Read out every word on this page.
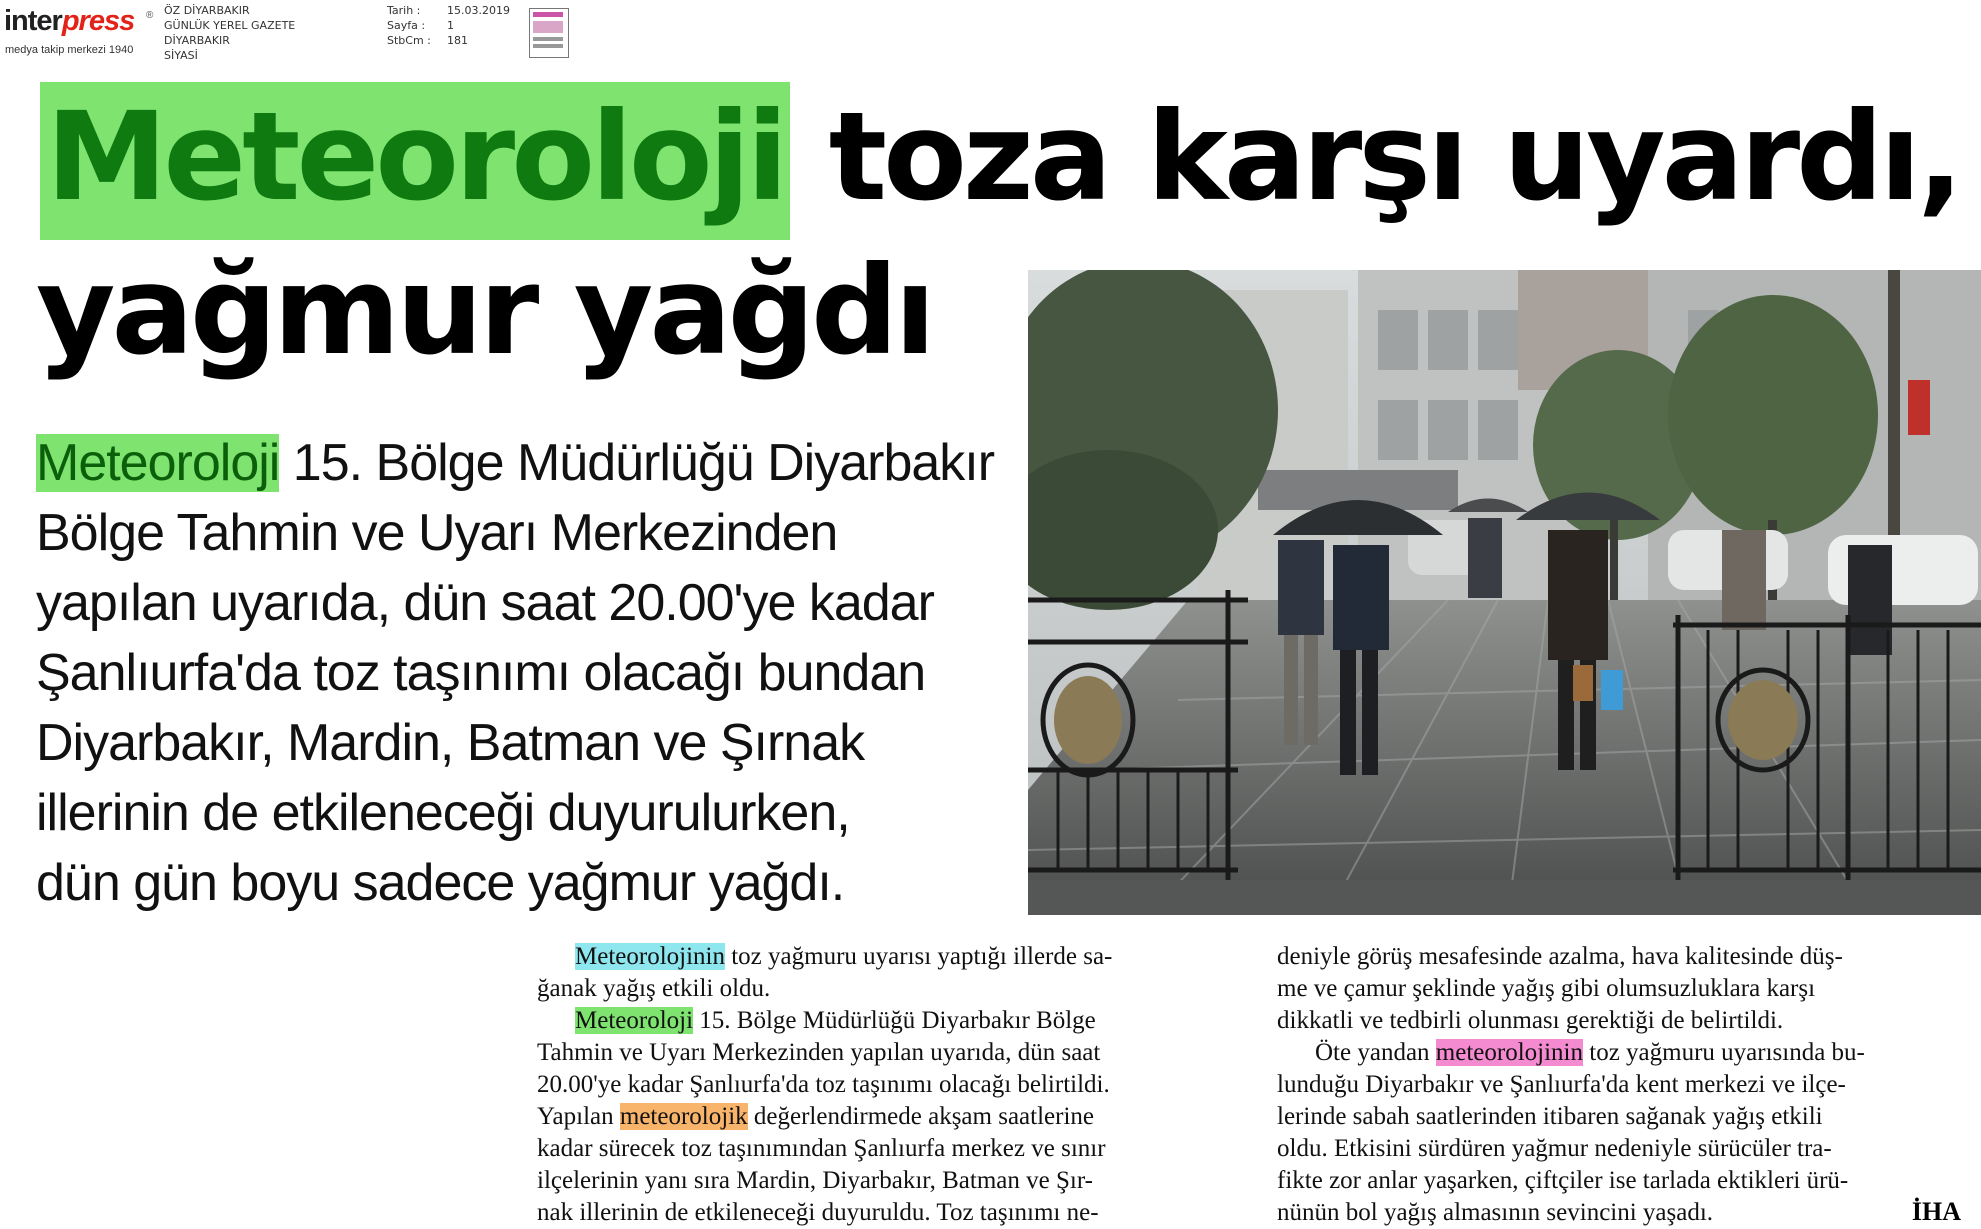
interpress ®
medya takip merkezi 1940
ÖZ DİYARBAKIR
GÜNLÜK YEREL GAZETE
DİYARBAKIR
SİYASİ
Tarih :
Sayfa :
StbCm :
15.03.2019
1
181
Meteoroloji toza karşı uyardı,
yağmur yağdı
Meteoroloji 15. Bölge Müdürlüğü Diyarbakır
Bölge Tahmin ve Uyarı Merkezinden
yapılan uyarıda, dün saat 20.00'ye kadar
Şanlıurfa'da toz taşınımı olacağı bundan
Diyarbakır, Mardin, Batman ve Şırnak
illerinin de etkileneceği duyurulurken,
dün gün boyu sadece yağmur yağdı.
Meteorolojinin toz yağmuru uyarısı yaptığı illerde sa-
ğanak yağış etkili oldu.
Meteoroloji 15. Bölge Müdürlüğü Diyarbakır Bölge
Tahmin ve Uyarı Merkezinden yapılan uyarıda, dün saat
20.00'ye kadar Şanlıurfa'da toz taşınımı olacağı belirtildi.
Yapılan meteorolojik değerlendirmede akşam saatlerine
kadar sürecek toz taşınımından Şanlıurfa merkez ve sınır
ilçelerinin yanı sıra Mardin, Diyarbakır, Batman ve Şır-
nak illerinin de etkileneceği duyuruldu. Toz taşınımı ne-
deniyle görüş mesafesinde azalma, hava kalitesinde düş-
me ve çamur şeklinde yağış gibi olumsuzluklara karşı
dikkatli ve tedbirli olunması gerektiği de belirtildi.
Öte yandan meteorolojinin toz yağmuru uyarısında bu-
lunduğu Diyarbakır ve Şanlıurfa'da kent merkezi ve ilçe-
lerinde sabah saatlerinden itibaren sağanak yağış etkili
oldu. Etkisini sürdüren yağmur nedeniyle sürücüler tra-
fikte zor anlar yaşarken, çiftçiler ise tarlada ektikleri ürü-
nünün bol yağış almasının sevincini yaşadı.	İHA
